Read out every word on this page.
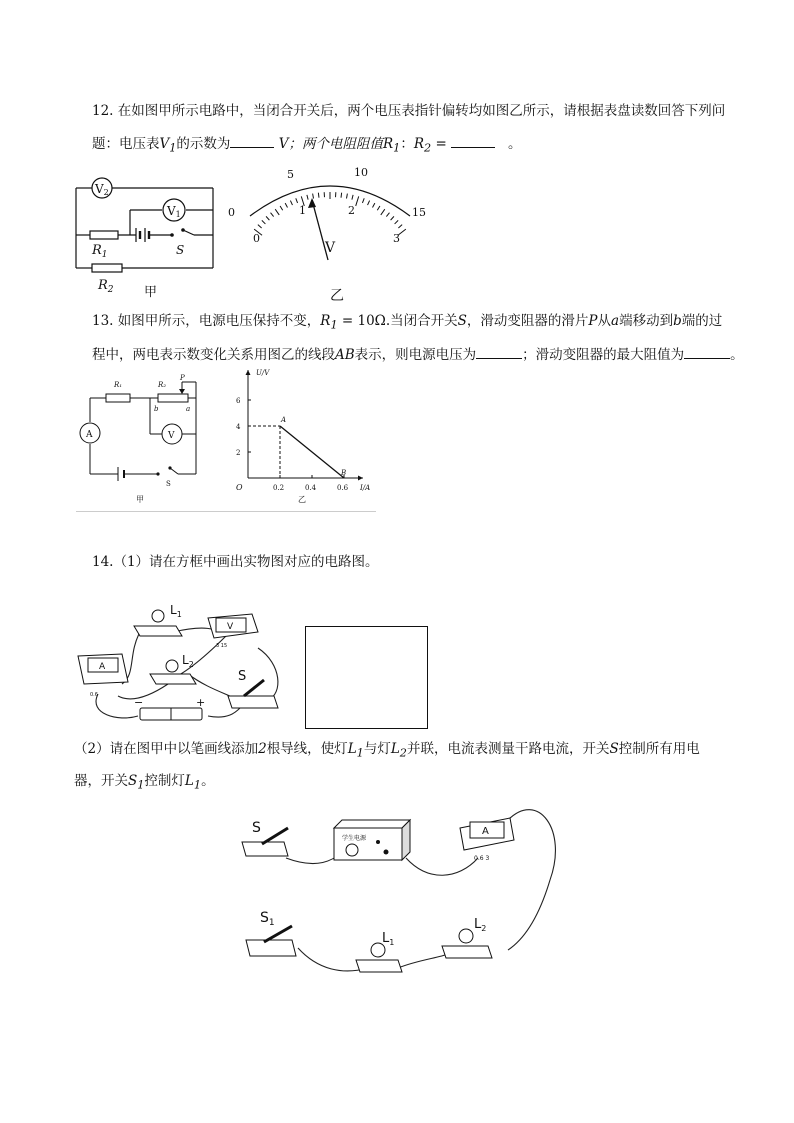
12. 在如图甲所示电路中，当闭合开关后，两个电压表指针偏转均如图乙所示，请根据表盘读数回答下列问
题：电压表$V_1$的示数为	V；两个电阻阻值$R_1$：$R_2$ =	。
V2
V1
$R_1$	S
$R_2$ 甲
0
5	10
15
0
1	2
3
V
乙
13. 如图甲所示，电源电压保持不变，$R_1 = 10\Omega$.当闭合开关S，滑动变阻器的滑片P从a端移动到b端的过
程中，两电表示数变化关系用图乙的线段AB表示，则电源电压为	；滑动变阻器的最大阻值为	。
R₁	R₂
P
b	a
A	V
S
甲
U/V
I/A
O	0.2	0.4	0.6
2
4
6
A
B
乙
14.（1）请在方框中画出实物图对应的电路图。
$L_1$
V
3 15
A
0.6
$L_2$
S
−	+
（2）请在图甲中以笔画线添加2根导线，使灯$L_1$与灯$L_2$并联，电流表测量干路电流，开关S控制所有用电
器，开关$S_1$控制灯$L_1$。
S
学生电源
A
0.6 3
$S_1$
$L_1$
$L_2$
